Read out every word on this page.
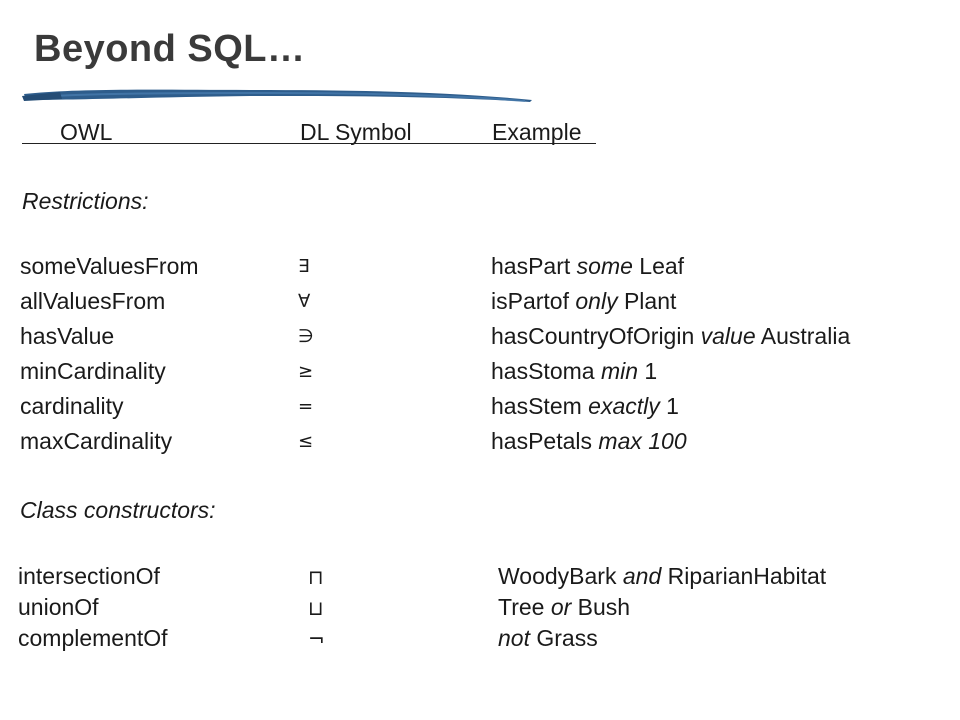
Beyond SQL…
OWL	DL Symbol	Example
Restrictions:
someValuesFrom	∃	hasPart some Leaf
allValuesFrom	∀	isPartof only Plant
hasValue	∋	hasCountryOfOrigin value Australia
minCardinality	≥	hasStoma min 1
cardinality	=	hasStem exactly 1
maxCardinality	≤	hasPetals max 100
Class constructors:
intersectionOf	⊓	WoodyBark and RiparianHabitat
unionOf	⊔	Tree or Bush
complementOf	¬	not Grass
